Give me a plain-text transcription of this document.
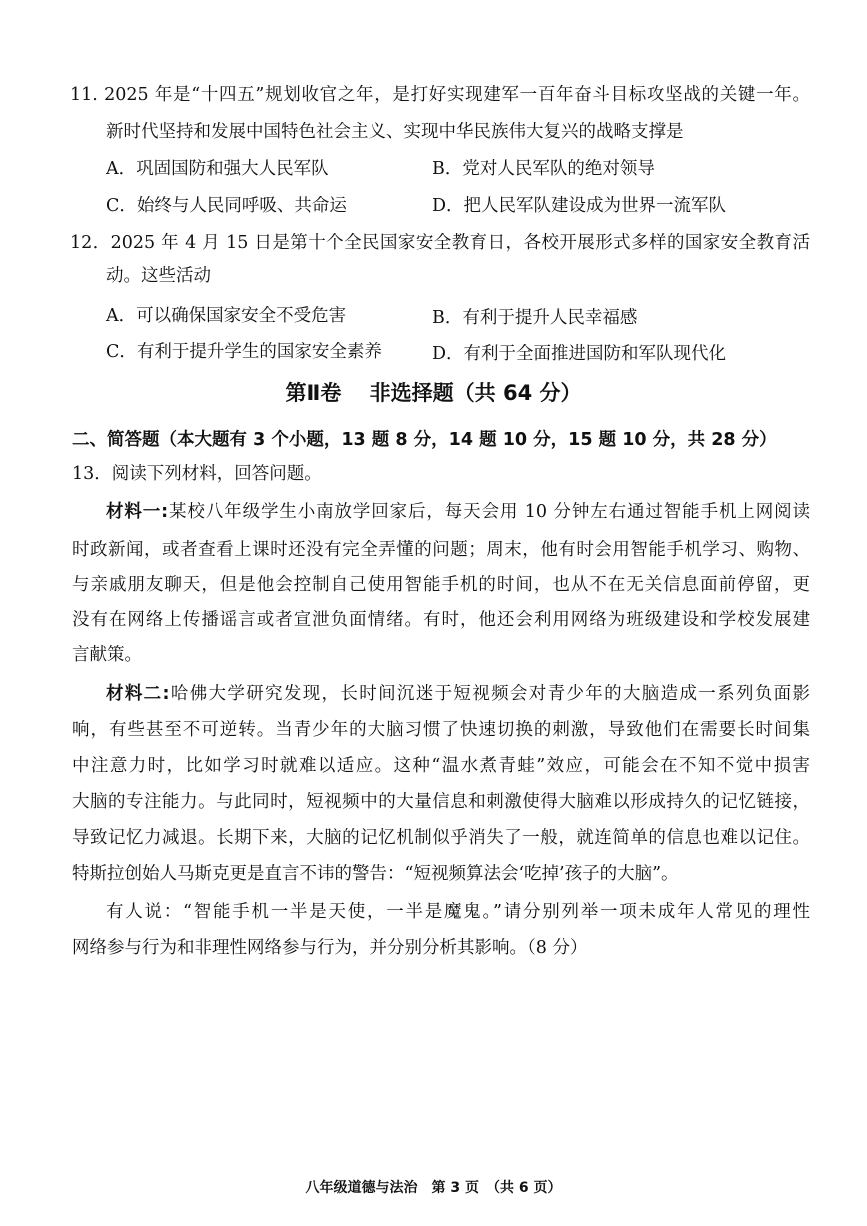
11. 2025 年是“十四五”规划收官之年，是打好实现建军一百年奋斗目标攻坚战的关键一年。
新时代坚持和发展中国特色社会主义、实现中华民族伟大复兴的战略支撑是
A．巩固国防和强大人民军队	B．党对人民军队的绝对领导
C．始终与人民同呼吸、共命运	D．把人民军队建设成为世界一流军队
12．2025 年 4 月 15 日是第十个全民国家安全教育日，各校开展形式多样的国家安全教育活
动。这些活动
A．可以确保国家安全不受危害	B．有利于提升人民幸福感
C．有利于提升学生的国家安全素养	D．有利于全面推进国防和军队现代化
第Ⅱ卷　 非选择题（共 64 分）
二、简答题（本大题有 3 个小题，13 题 8 分，14 题 10 分，15 题 10 分，共 28 分）
13．阅读下列材料，回答问题。
材料一:某校八年级学生小南放学回家后，每天会用 10 分钟左右通过智能手机上网阅读
时政新闻，或者查看上课时还没有完全弄懂的问题；周末，他有时会用智能手机学习、购物、
与亲戚朋友聊天，但是他会控制自己使用智能手机的时间，也从不在无关信息面前停留，更
没有在网络上传播谣言或者宣泄负面情绪。有时，他还会利用网络为班级建设和学校发展建
言献策。
材料二:哈佛大学研究发现，长时间沉迷于短视频会对青少年的大脑造成一系列负面影
响，有些甚至不可逆转。当青少年的大脑习惯了快速切换的刺激，导致他们在需要长时间集
中注意力时，比如学习时就难以适应。这种“温水煮青蛙”效应，可能会在不知不觉中损害
大脑的专注能力。与此同时，短视频中的大量信息和刺激使得大脑难以形成持久的记忆链接，
导致记忆力减退。长期下来，大脑的记忆机制似乎消失了一般，就连简单的信息也难以记住。
特斯拉创始人马斯克更是直言不讳的警告：“短视频算法会‘吃掉’孩子的大脑”。
有人说：“智能手机一半是天使，一半是魔鬼。”请分别列举一项未成年人常见的理性
网络参与行为和非理性网络参与行为，并分别分析其影响。（8 分）
八年级道德与法治　第 3 页　（共 6 页）
